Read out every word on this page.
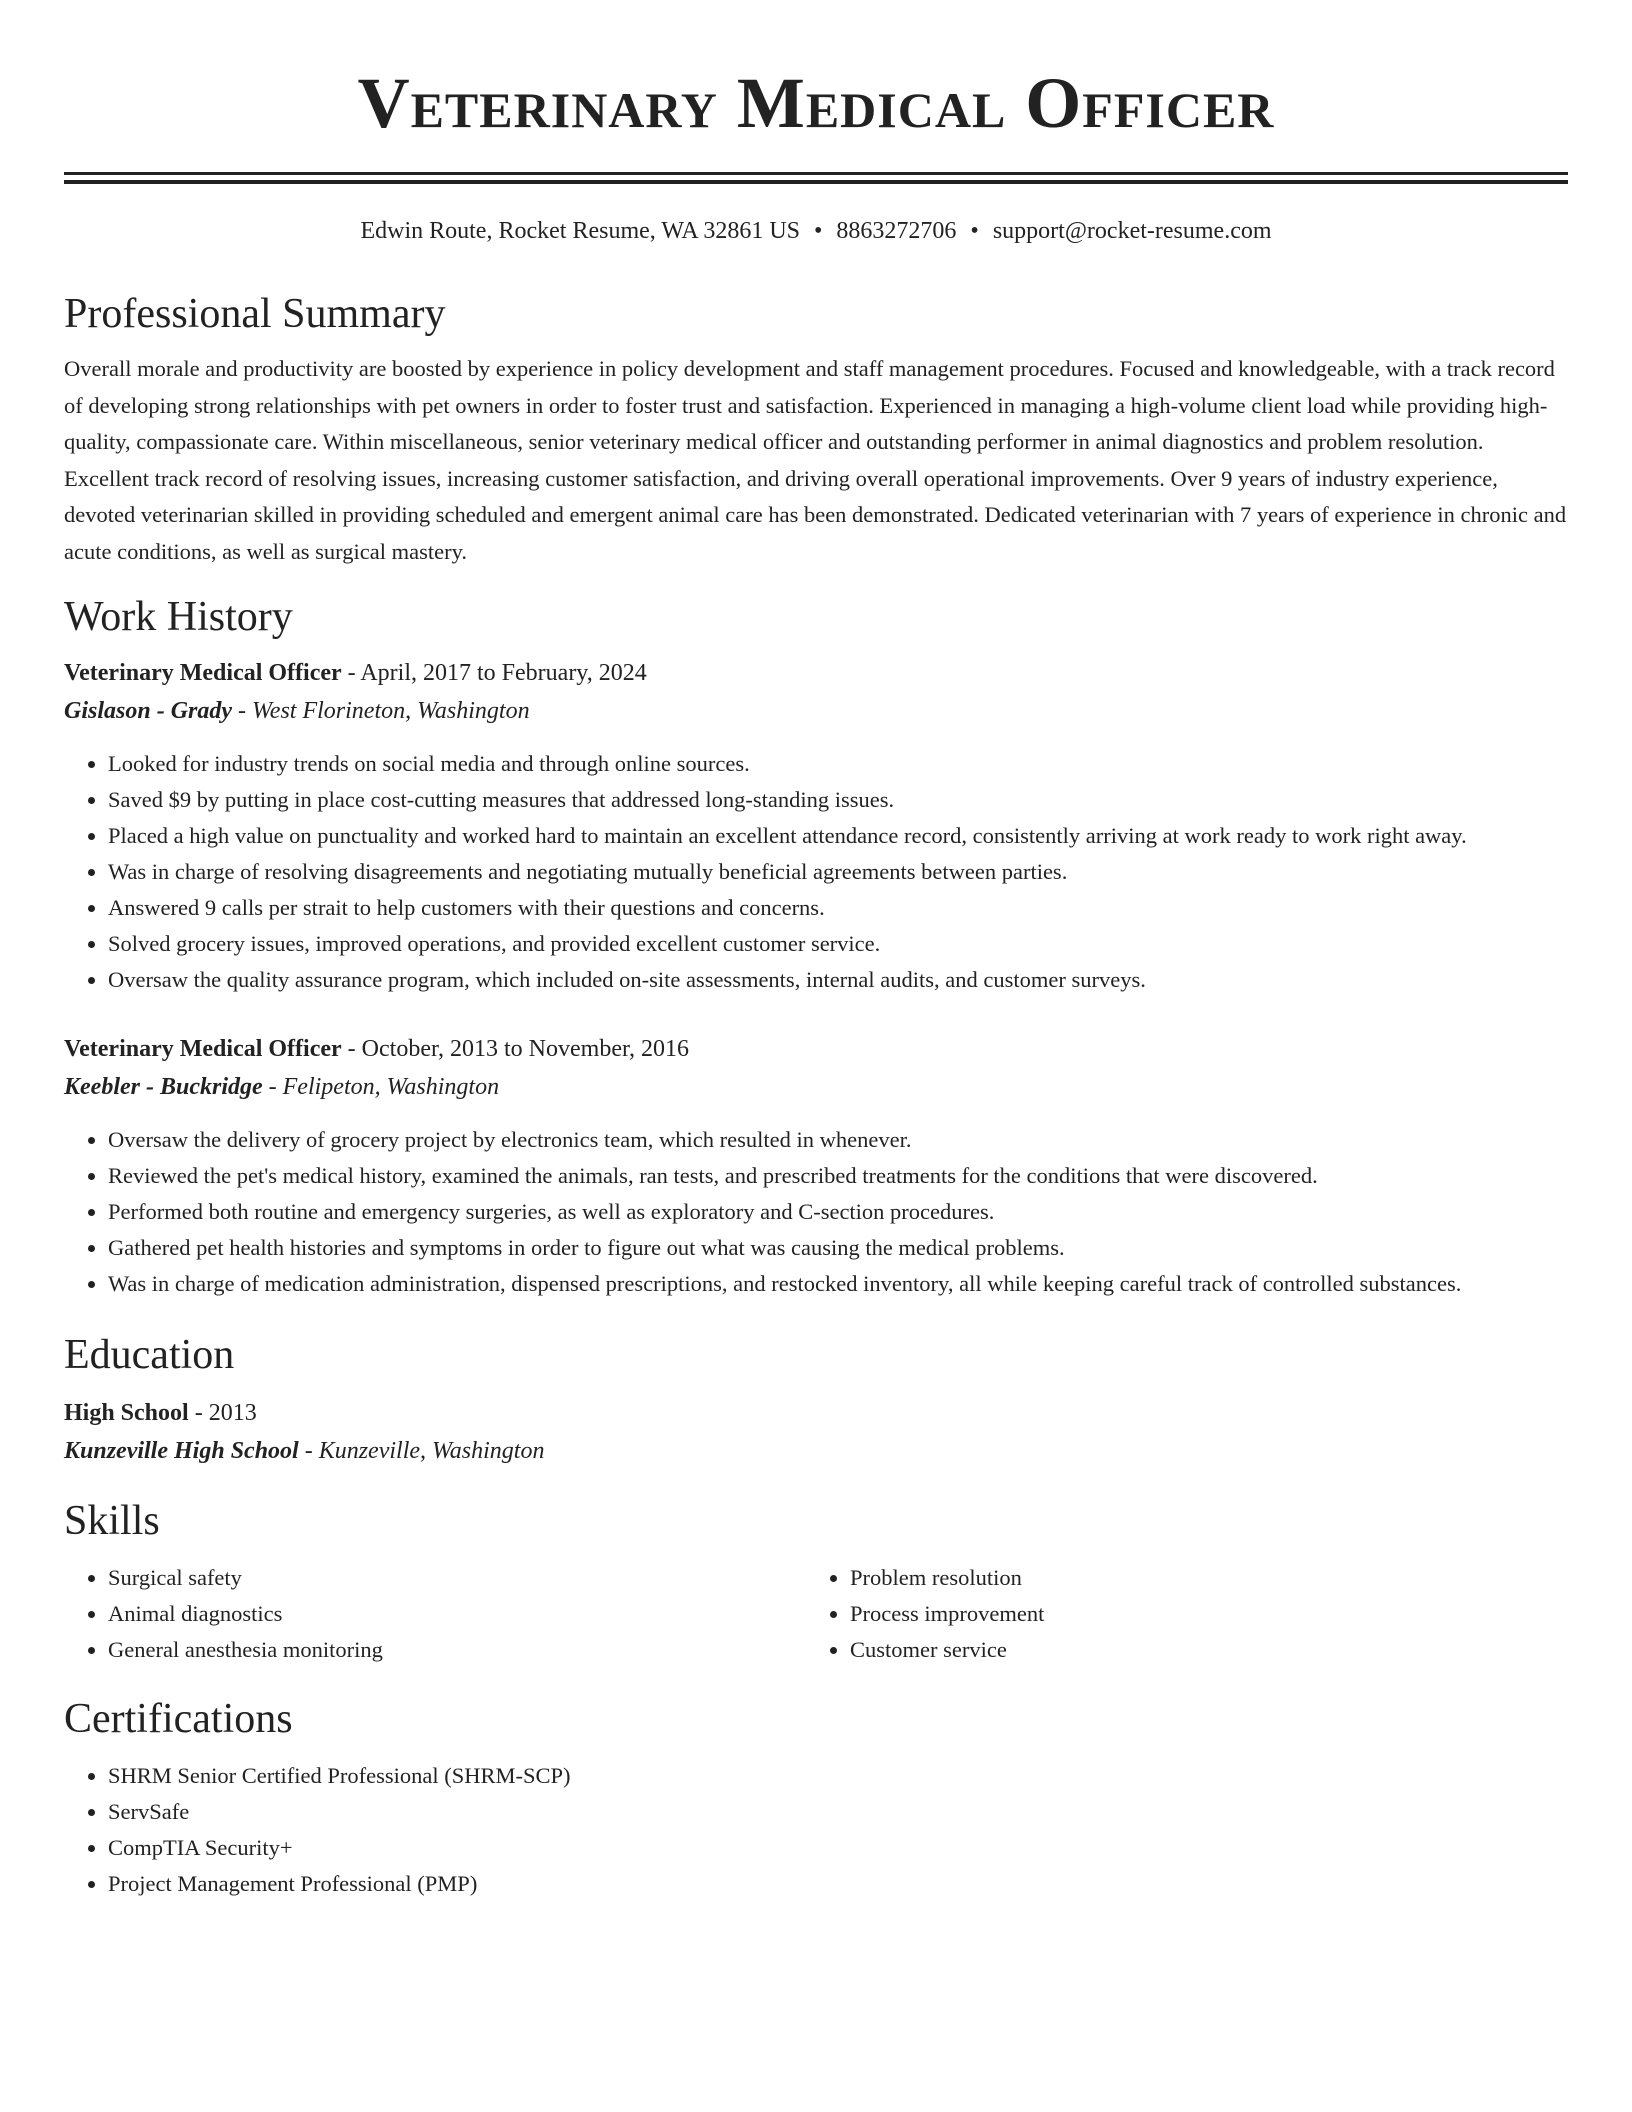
Veterinary Medical Officer
Edwin Route, Rocket Resume, WA 32861 US • 8863272706 • support@rocket-resume.com
Professional Summary

Overall morale and productivity are boosted by experience in policy development and staff management procedures. Focused and knowledgeable, with a track record of developing strong relationships with pet owners in order to foster trust and satisfaction. Experienced in managing a high-volume client load while providing high-quality, compassionate care. Within miscellaneous, senior veterinary medical officer and outstanding performer in animal diagnostics and problem resolution. Excellent track record of resolving issues, increasing customer satisfaction, and driving overall operational improvements. Over 9 years of industry experience, devoted veterinarian skilled in providing scheduled and emergent animal care has been demonstrated. Dedicated veterinarian with 7 years of experience in chronic and acute conditions, as well as surgical mastery.

Work History
Veterinary Medical Officer - April, 2017 to February, 2024
Gislason - Grady - West Florineton, Washington
• Looked for industry trends on social media and through online sources.
• Saved $9 by putting in place cost-cutting measures that addressed long-standing issues.
• Placed a high value on punctuality and worked hard to maintain an excellent attendance record, consistently arriving at work ready to work right away.
• Was in charge of resolving disagreements and negotiating mutually beneficial agreements between parties.
• Answered 9 calls per strait to help customers with their questions and concerns.
• Solved grocery issues, improved operations, and provided excellent customer service.
• Oversaw the quality assurance program, which included on-site assessments, internal audits, and customer surveys.
Veterinary Medical Officer - October, 2013 to November, 2016
Keebler - Buckridge - Felipeton, Washington
• Oversaw the delivery of grocery project by electronics team, which resulted in whenever.
• Reviewed the pet's medical history, examined the animals, ran tests, and prescribed treatments for the conditions that were discovered.
• Performed both routine and emergency surgeries, as well as exploratory and C-section procedures.
• Gathered pet health histories and symptoms in order to figure out what was causing the medical problems.
• Was in charge of medication administration, dispensed prescriptions, and restocked inventory, all while keeping careful track of controlled substances.
Education
High School - 2013
Kunzeville High School - Kunzeville, Washington
Skills
• Surgical safety
• Animal diagnostics
• General anesthesia monitoring
• Problem resolution
• Process improvement
• Customer service
Certifications
• SHRM Senior Certified Professional (SHRM-SCP)
• ServSafe
• CompTIA Security+
• Project Management Professional (PMP)
